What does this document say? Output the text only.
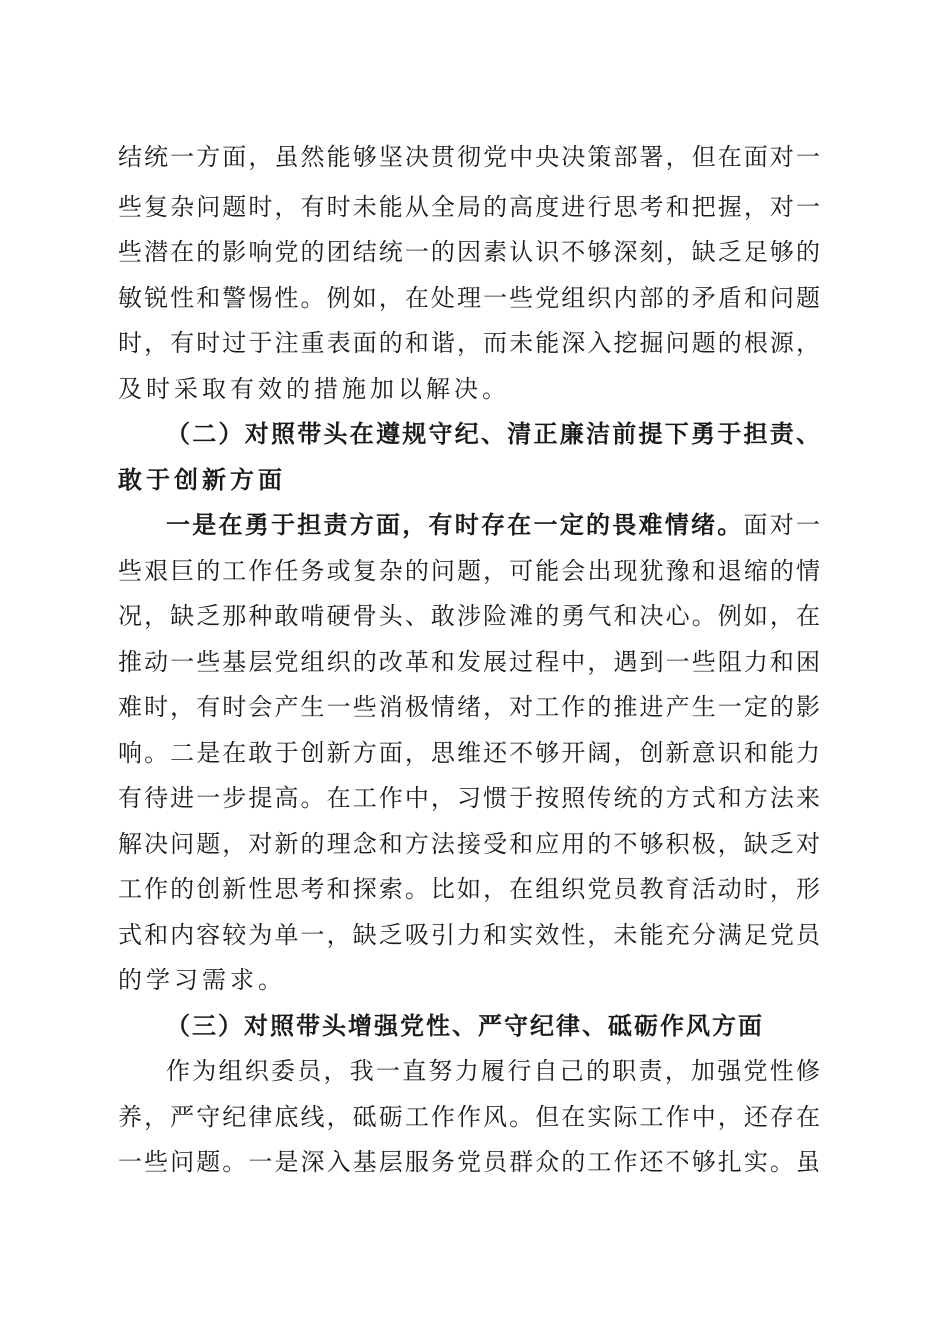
结统一方面，虽然能够坚决贯彻党中央决策部署，但在面对一
些复杂问题时，有时未能从全局的高度进行思考和把握，对一
些潜在的影响党的团结统一的因素认识不够深刻，缺乏足够的
敏锐性和警惕性。例如，在处理一些党组织内部的矛盾和问题
时，有时过于注重表面的和谐，而未能深入挖掘问题的根源，
及时采取有效的措施加以解决。
（二）对照带头在遵规守纪、清正廉洁前提下勇于担责、
敢于创新方面
一是在勇于担责方面，有时存在一定的畏难情绪。面对一
些艰巨的工作任务或复杂的问题，可能会出现犹豫和退缩的情
况，缺乏那种敢啃硬骨头、敢涉险滩的勇气和决心。例如，在
推动一些基层党组织的改革和发展过程中，遇到一些阻力和困
难时，有时会产生一些消极情绪，对工作的推进产生一定的影
响。二是在敢于创新方面，思维还不够开阔，创新意识和能力
有待进一步提高。在工作中，习惯于按照传统的方式和方法来
解决问题，对新的理念和方法接受和应用的不够积极，缺乏对
工作的创新性思考和探索。比如，在组织党员教育活动时，形
式和内容较为单一，缺乏吸引力和实效性，未能充分满足党员
的学习需求。
（三）对照带头增强党性、严守纪律、砥砺作风方面
作为组织委员，我一直努力履行自己的职责，加强党性修
养，严守纪律底线，砥砺工作作风。但在实际工作中，还存在
一些问题。一是深入基层服务党员群众的工作还不够扎实。虽
